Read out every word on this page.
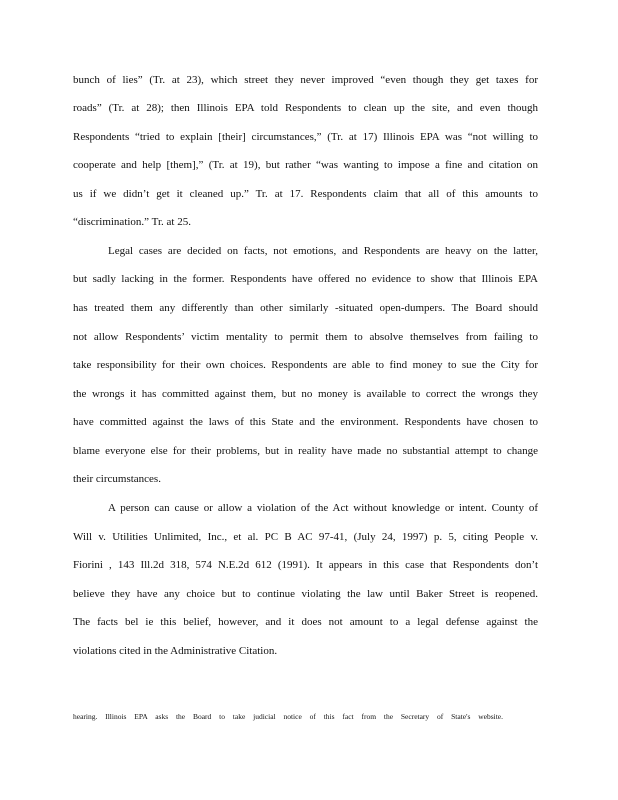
bunch of lies” (Tr. at 23), which street they never improved “even though they get taxes for
roads” (Tr. at 28); then Illinois EPA told Respondents to clean up the site, and even though
Respondents “tried to explain [their] circumstances,” (Tr. at 17) Illinois EPA was “not willing to
cooperate and help [them],” (Tr. at 19), but rather “was wanting to impose a fine and citation on
us if we didn’t get it cleaned up.” Tr. at 17. Respondents claim that all of this amounts to
“discrimination.” Tr. at 25.
Legal cases are decided on facts, not emotions, and Respondents are heavy on the latter,
but sadly lacking in the former. Respondents have offered no evidence to show that Illinois EPA
has treated them any differently than other similarly -situated open-dumpers. The Board should
not allow Respondents’ victim mentality to permit them to absolve themselves from failing to
take responsibility for their own choices. Respondents are able to find money to sue the City for
the wrongs it has committed against them, but no money is available to correct the wrongs they
have committed against the laws of this State and the environment. Respondents have chosen to
blame everyone else for their problems, but in reality have made no substantial attempt to change
their circumstances.
A person can cause or allow a violation of the Act without knowledge or intent. County of
Will v. Utilities Unlimited, Inc., et al. PC B AC 97-41, (July 24, 1997) p. 5, citing People v.
Fiorini , 143 Ill.2d 318, 574 N.E.2d 612 (1991). It appears in this case that Respondents don’t
believe they have any choice but to continue violating the law until Baker Street is reopened.
The facts bel ie this belief, however, and it does not amount to a legal defense against the
violations cited in the Administrative Citation.
hearing. Illinois EPA asks the Board to take judicial notice of this fact from the Secretary of State's website.
